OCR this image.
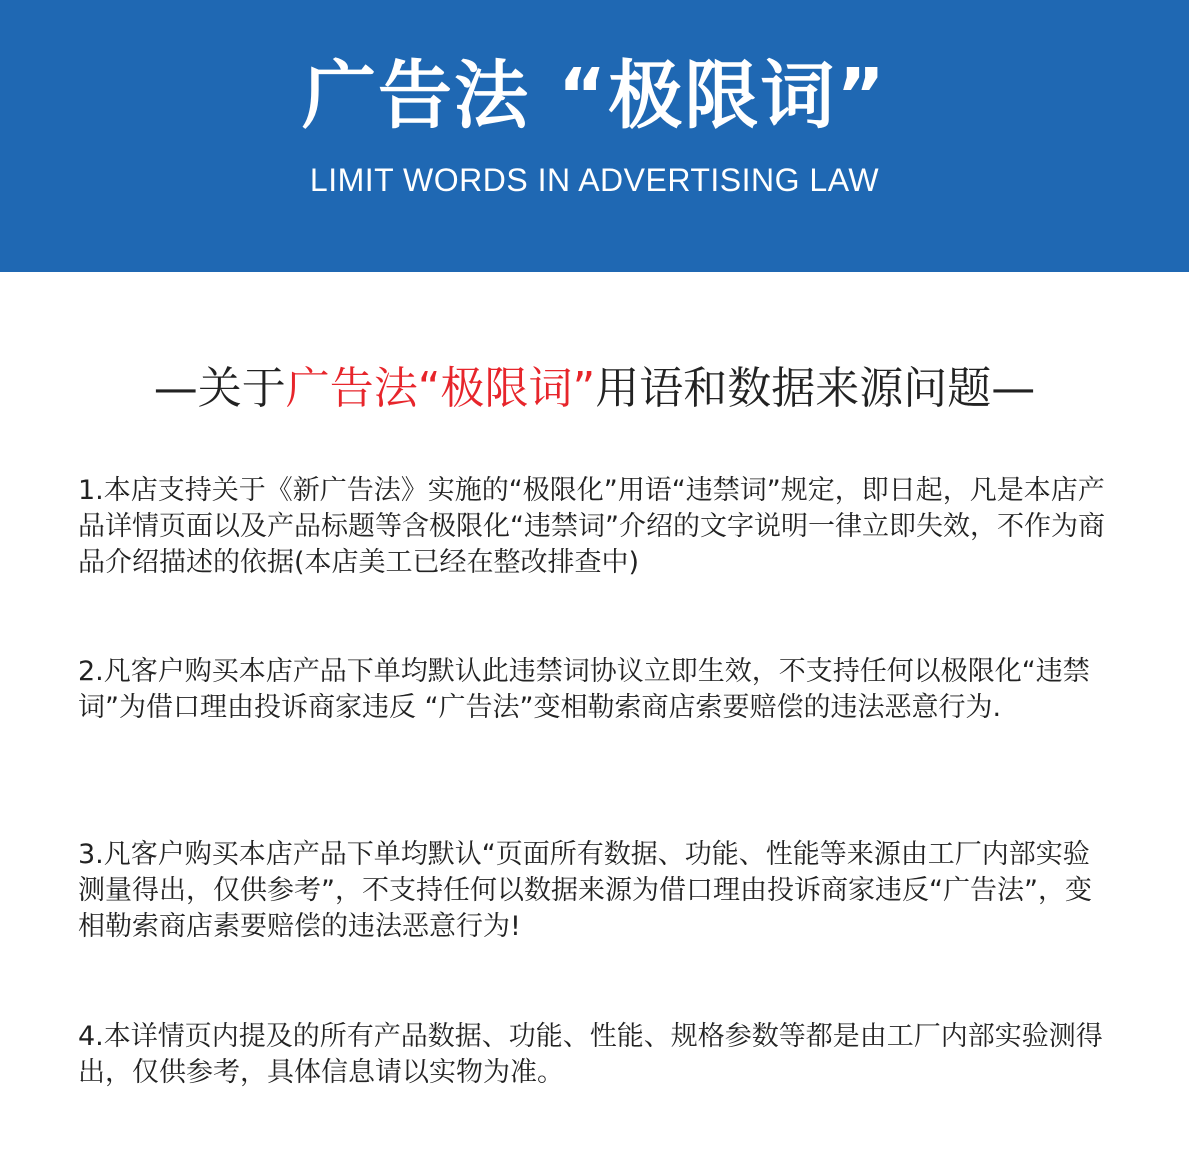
广告法 “极限词”
LIMIT WORDS IN ADVERTISING LAW
—关于广告法“极限词”用语和数据来源问题—

1.本店支持关于《新广告法》实施的“极限化”用语“违禁词”规定，即日起，凡是本店产品详情页面以及产品标题等含极限化“违禁词”介绍的文字说明一律立即失效，不作为商品介绍描述的依据(本店美工已经在整改排查中)

2.凡客户购买本店产品下单均默认此违禁词协议立即生效，不支持任何以极限化“违禁词”为借口理由投诉商家违反 “广告法”变相勒索商店索要赔偿的违法恶意行为.

3.凡客户购买本店产品下单均默认“页面所有数据、功能、性能等来源由工厂内部实验测量得出，仅供参考”，不支持任何以数据来源为借口理由投诉商家违反“广告法”，变相勒索商店素要赔偿的违法恶意行为!

4.本详情页内提及的所有产品数据、功能、性能、规格参数等都是由工厂内部实验测得出，仅供参考，具体信息请以实物为准。
